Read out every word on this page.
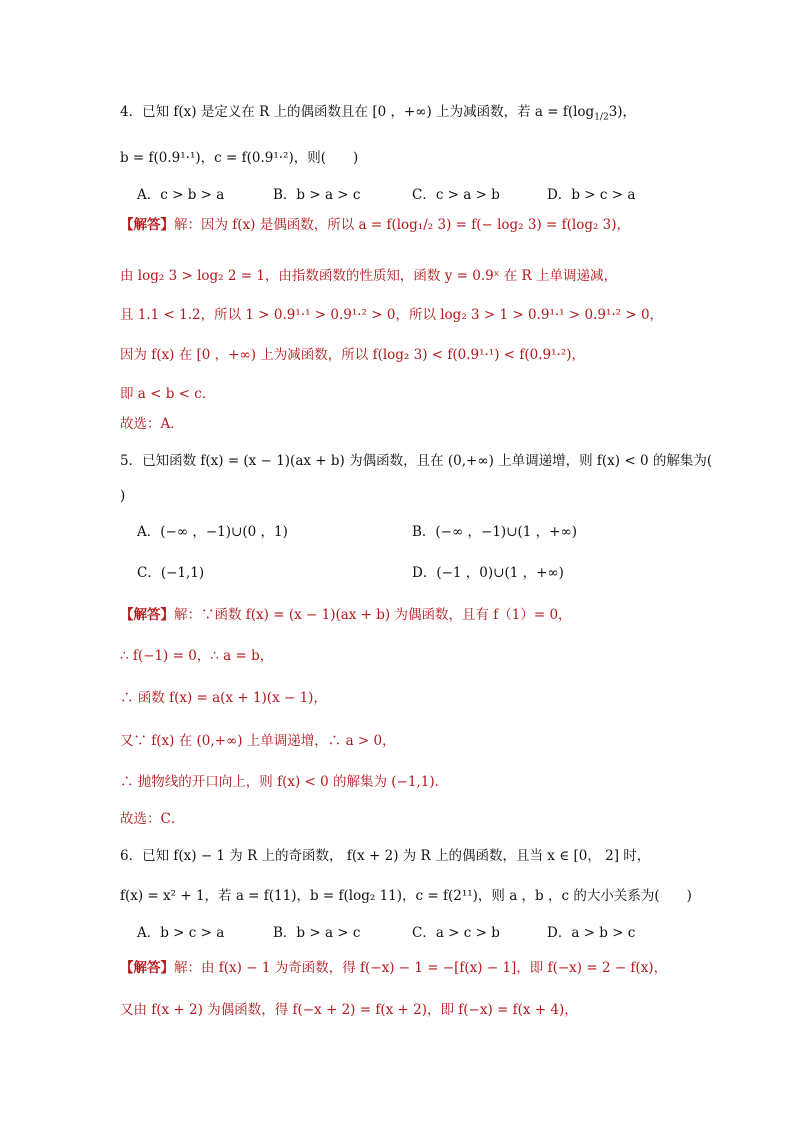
4．已知 f(x) 是定义在 R 上的偶函数且在 [0 ，+∞) 上为减函数，若 $a = f(\log_{1/2}3)$，
b = f(0.9¹·¹)，c = f(0.9¹·²)，则(　　)
A．c > b > a	B．b > a > c	C．c > a > b	D．b > c > a
【解答】解：因为 f(x) 是偶函数，所以 a = f(log₁/₂ 3) = f(− log₂ 3) = f(log₂ 3)，
由 log₂ 3 > log₂ 2 = 1，由指数函数的性质知，函数 y = 0.9ˣ 在 R 上单调递减，
且 1.1 < 1.2，所以 1 > 0.9¹·¹ > 0.9¹·² > 0，所以 log₂ 3 > 1 > 0.9¹·¹ > 0.9¹·² > 0，
因为 f(x) 在 [0 ，+∞) 上为减函数，所以 f(log₂ 3) < f(0.9¹·¹) < f(0.9¹·²)，
即 a < b < c．
故选：A．
5．已知函数 f(x) = (x − 1)(ax + b) 为偶函数，且在 (0,+∞) 上单调递增，则 f(x) < 0 的解集为(
)
A．(−∞ ，−1)∪(0 ，1)	B．(−∞ ，−1)∪(1 ，+∞)
C．(−1,1)	D．(−1 ，0)∪(1 ，+∞)
【解答】解：∵函数 f(x) = (x − 1)(ax + b) 为偶函数，且有 f（1）= 0，
∴ f(−1) = 0，∴ a = b，
∴ 函数 f(x) = a(x + 1)(x − 1)，
又∵ f(x) 在 (0,+∞) 上单调递增，∴ a > 0，
∴ 抛物线的开口向上，则 f(x) < 0 的解集为 (−1,1)．
故选：C．
6．已知 f(x) − 1 为 R 上的奇函数， f(x + 2) 为 R 上的偶函数，且当 x ∈ [0， 2] 时，
f(x) = x² + 1，若 a = f(11)，b = f(log₂ 11)，c = f(2¹¹)，则 a ，b ，c 的大小关系为(　　)
A．b > c > a	B．b > a > c	C．a > c > b	D．a > b > c
【解答】解：由 f(x) − 1 为奇函数，得 f(−x) − 1 = −[f(x) − 1]，即 f(−x) = 2 − f(x)，
又由 f(x + 2) 为偶函数，得 f(−x + 2) = f(x + 2)，即 f(−x) = f(x + 4)，
